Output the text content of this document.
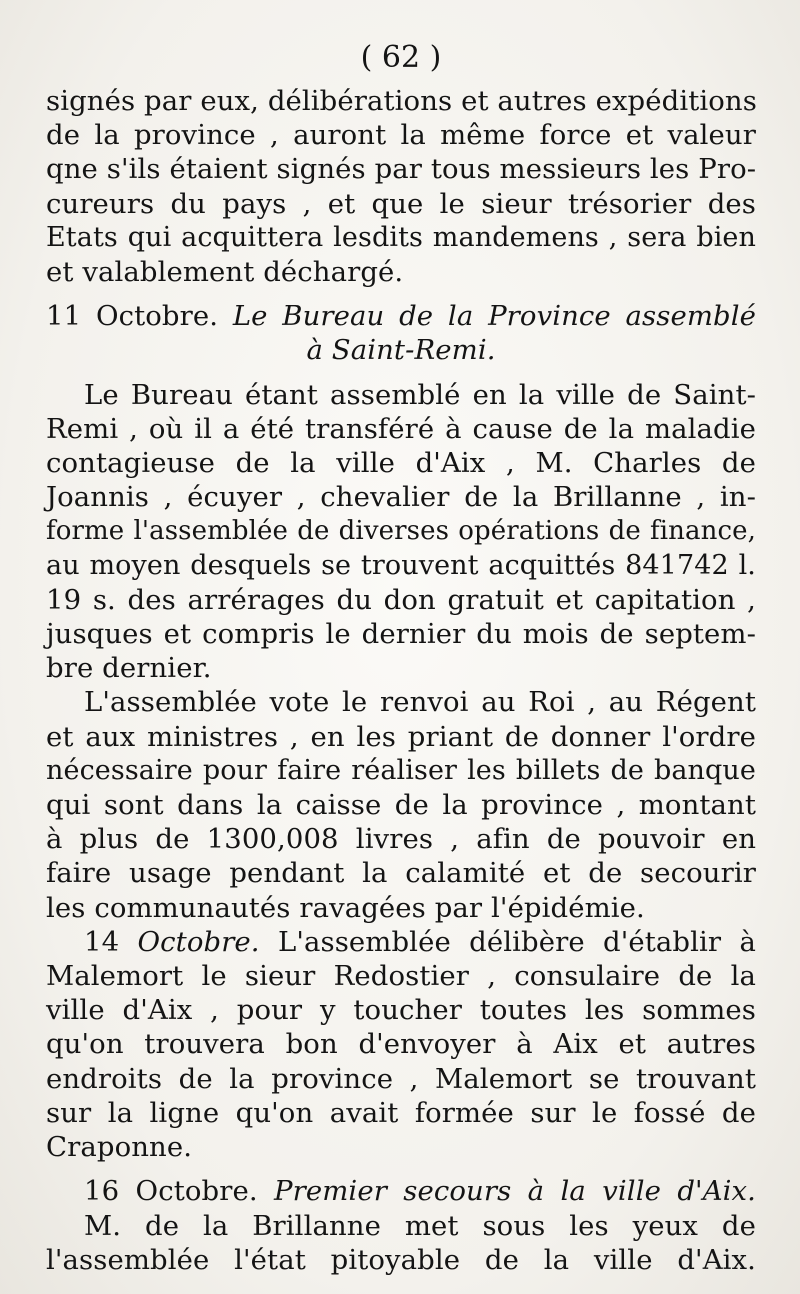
( 62 )
signés par eux, délibérations et autres expéditions
de la province , auront la même force et valeur
qne s'ils étaient signés par tous messieurs les Pro-
cureurs du pays , et que le sieur trésorier des
Etats qui acquittera lesdits mandemens , sera bien
et valablement déchargé.
11 Octobre. Le Bureau de la Province assemblé
à Saint-Remi.
Le Bureau étant assemblé en la ville de Saint-
Remi , où il a été transféré à cause de la maladie
contagieuse de la ville d'Aix , M. Charles de
Joannis , écuyer , chevalier de la Brillanne , in-
forme l'assemblée de diverses opérations de finance,
au moyen desquels se trouvent acquittés 841742 l.
19 s. des arrérages du don gratuit et capitation ,
jusques et compris le dernier du mois de septem-
bre dernier.
L'assemblée vote le renvoi au Roi , au Régent
et aux ministres , en les priant de donner l'ordre
nécessaire pour faire réaliser les billets de banque
qui sont dans la caisse de la province , montant
à plus de 1300,008 livres , afin de pouvoir en
faire usage pendant la calamité et de secourir
les communautés ravagées par l'épidémie.
14 Octobre. L'assemblée délibère d'établir à
Malemort le sieur Redostier , consulaire de la
ville d'Aix , pour y toucher toutes les sommes
qu'on trouvera bon d'envoyer à Aix et autres
endroits de la province , Malemort se trouvant
sur la ligne qu'on avait formée sur le fossé de
Craponne.
16 Octobre. Premier secours à la ville d'Aix.
M. de la Brillanne met sous les yeux de
l'assemblée l'état pitoyable de la ville d'Aix.
